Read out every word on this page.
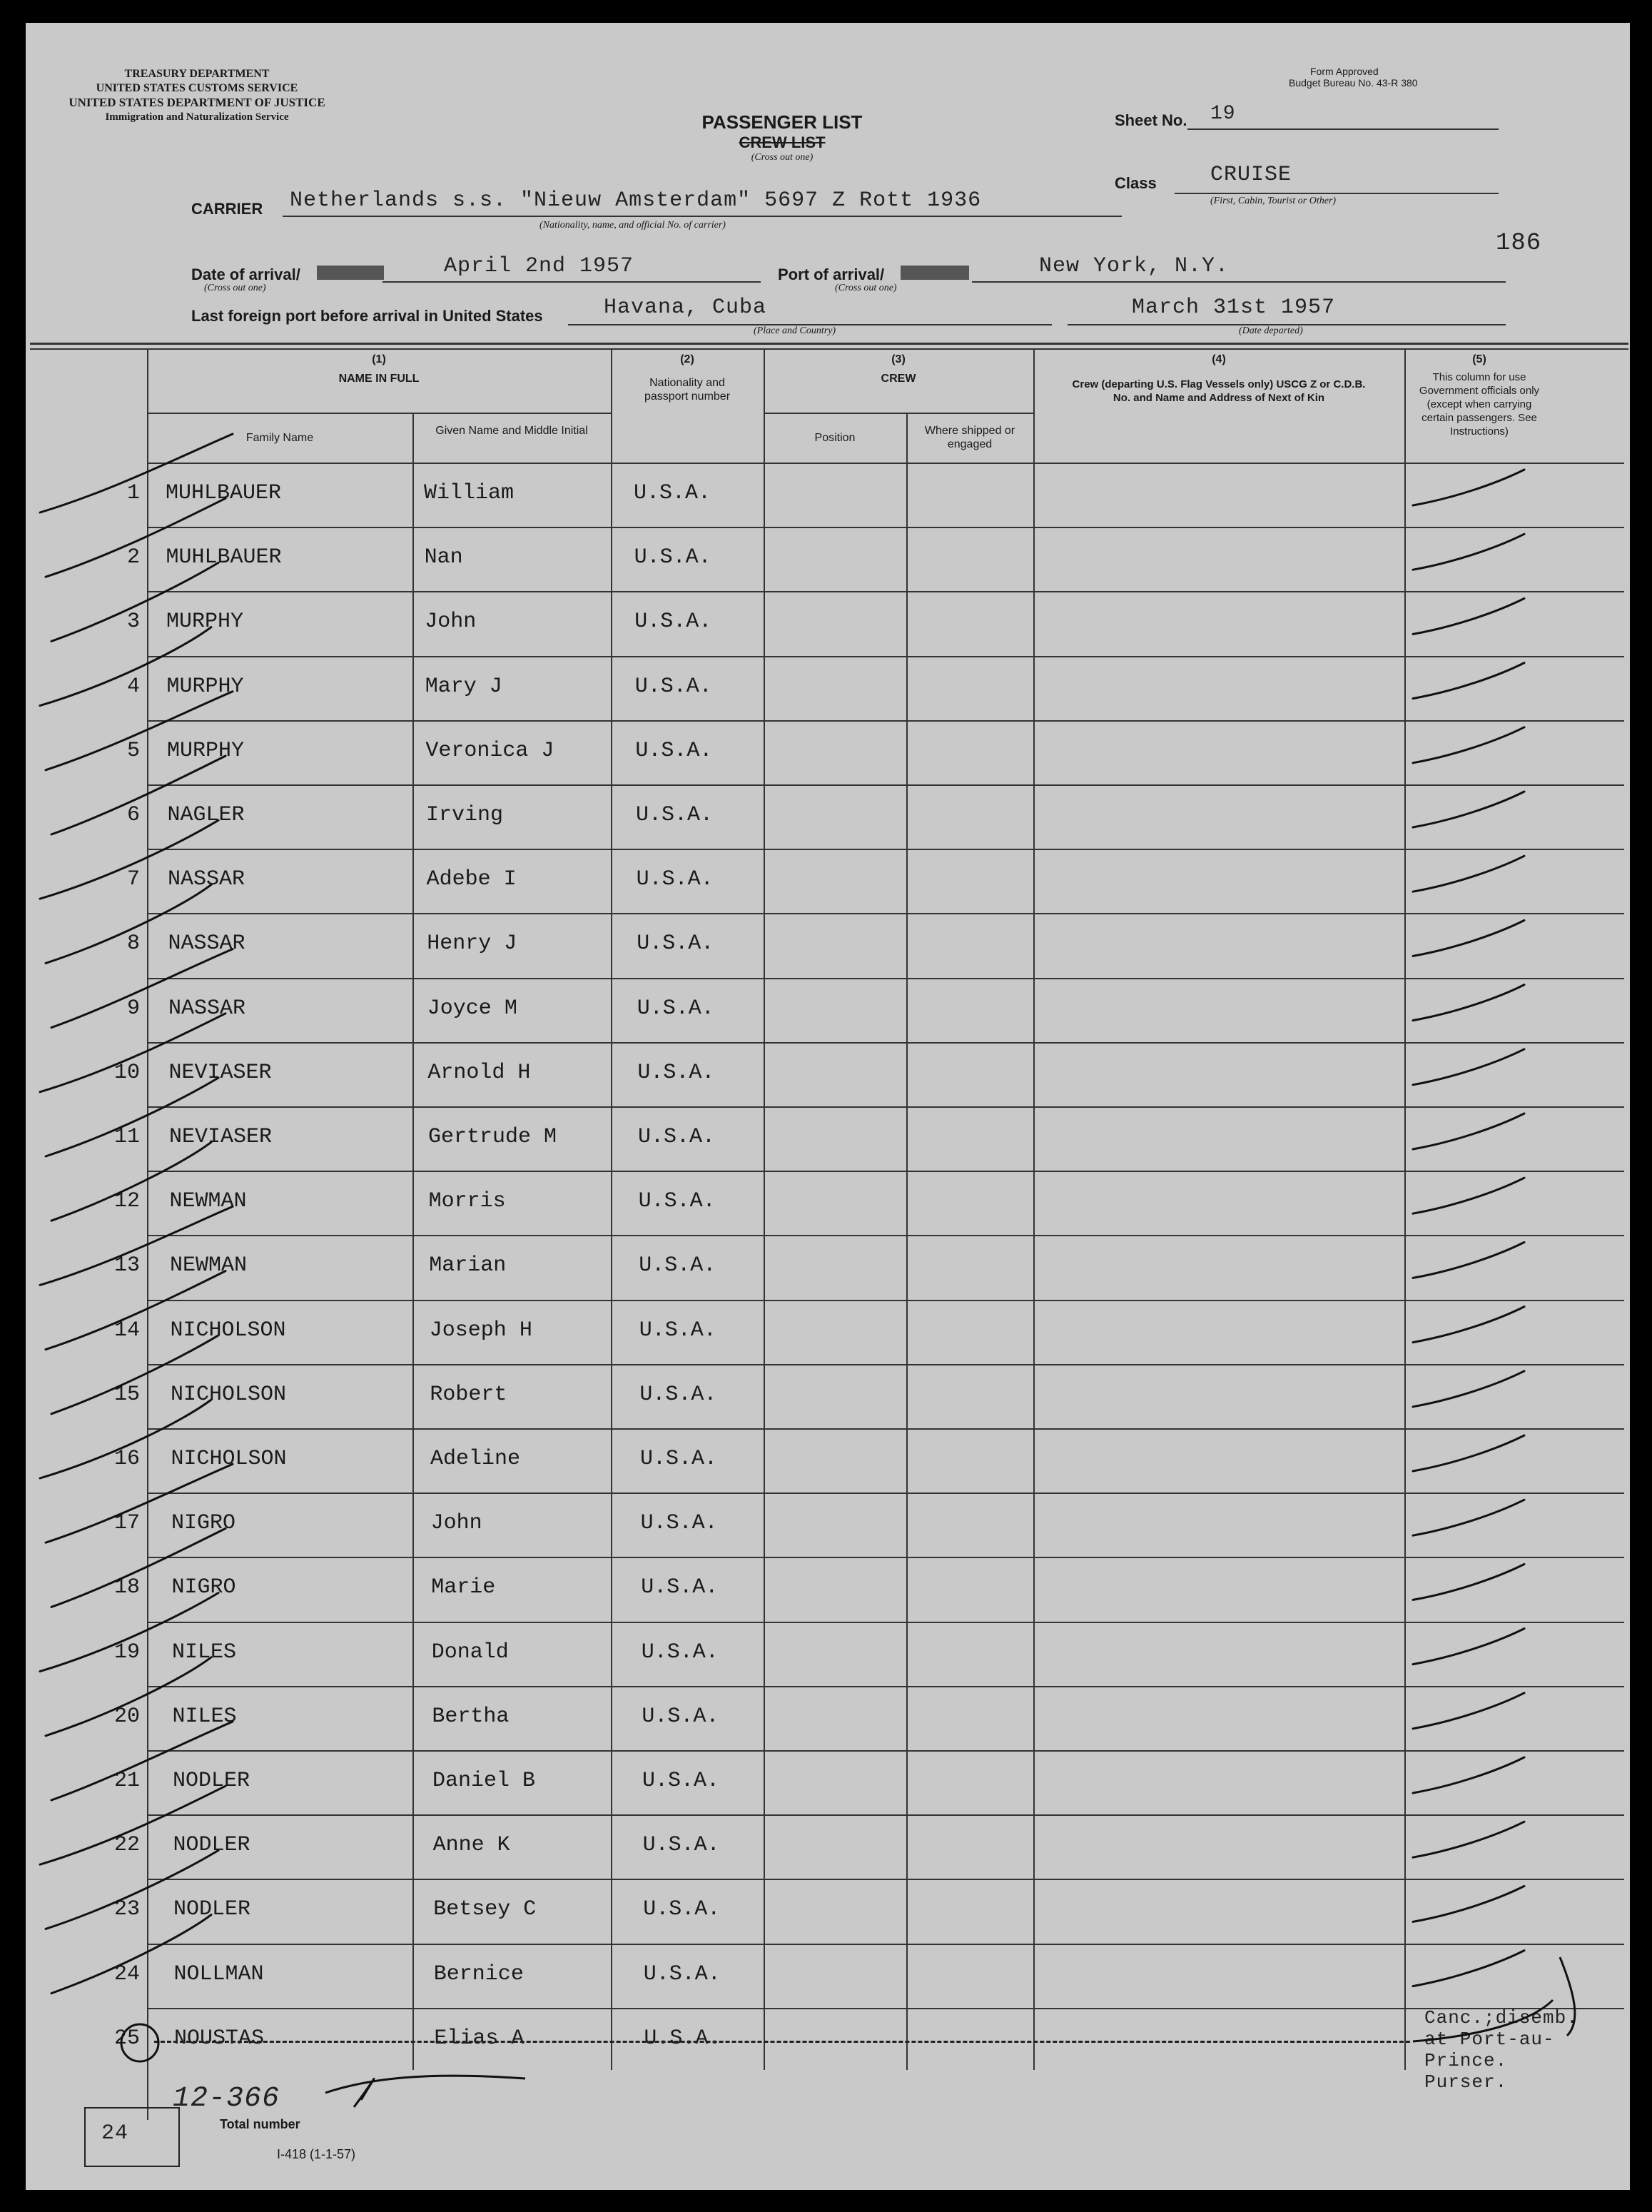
TREASURY DEPARTMENT
UNITED STATES CUSTOMS SERVICE
UNITED STATES DEPARTMENT OF JUSTICE
Immigration and Naturalization Service
Form Approved
Budget Bureau No. 43-R 380
PASSENGER LIST
CREW LIST
(Cross out one)
Sheet No. 19
Class	CRUISE
(First, Cabin, Tourist or Other)
CARRIER Netherlands s.s. "Nieuw Amsterdam" 5697 Z Rott 1936
(Nationality, name, and official No. of carrier)
186
Date of arrival/
(Cross out one)
April 2nd 1957	Port of arrival/
(Cross out one)
New York, N.Y.
Last foreign port before arrival in United States	Havana, Cuba
(Place and Country)
March 31st 1957
(Date departed)
(1)
NAME IN FULL
Family Name
Given Name and Middle Initial
(2)
Nationality and passport number
(3)
CREW
Position
Where shipped or engaged
(4)
Crew (departing U.S. Flag Vessels only) USCG Z or C.D.B. No. and Name and Address of Next of Kin
(5)
This column for use Government officials only (except when carrying certain passengers. See Instructions)
1 MUHLBAUER	William	U.S.A.
2 MUHLBAUER	Nan	U.S.A.
3 MURPHY	John	U.S.A.
4 MURPHY	Mary J	U.S.A.
5 MURPHY	Veronica J	U.S.A.
6 NAGLER	Irving	U.S.A.
7 NASSAR	Adebe I	U.S.A.
8 NASSAR	Henry J	U.S.A.
9 NASSAR	Joyce M	U.S.A.
10 NEVIASER	Arnold H	U.S.A.
11 NEVIASER	Gertrude M	U.S.A.
12 NEWMAN	Morris	U.S.A.
13 NEWMAN	Marian	U.S.A.
14 NICHOLSON	Joseph H	U.S.A.
15 NICHOLSON	Robert	U.S.A.
16 NICHOLSON	Adeline	U.S.A.
17 NIGRO	John	U.S.A.
18 NIGRO	Marie	U.S.A.
19 NILES	Donald	U.S.A.
20 NILES	Bertha	U.S.A.
21 NODLER	Daniel B	U.S.A.
22 NODLER	Anne K	U.S.A.
23 NODLER	Betsey C	U.S.A.
24 NOLLMAN	Bernice	U.S.A.
25 NOUSTAS	Elias A	U.S.A.
Canc.;disemb. at Port-au-Prince. Purser.
24
12-366
Total number
I-418 (1-1-57)
